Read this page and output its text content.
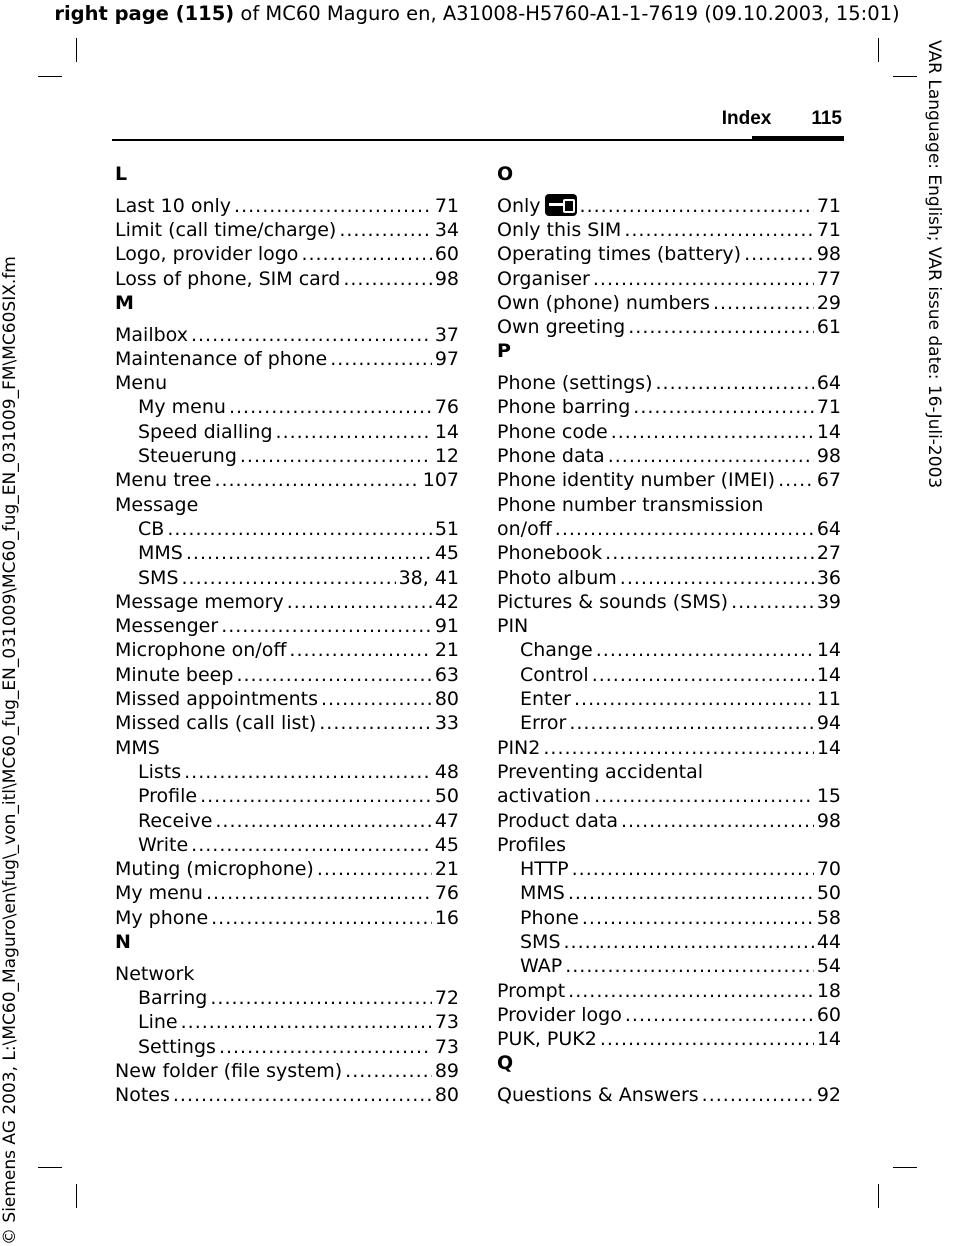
right page (115) of MC60 Maguro en, A31008-H5760-A1-1-7619 (09.10.2003, 15:01)
© Siemens AG 2003, L:\MC60_Maguro\en\fug\_von_itl\MC60_fug_EN_031009\MC60_fug_EN_031009_FM\MC60SIX.fm	VAR Language: English; VAR issue date: 16-Juli-2003
Index 115
L
Last 10 only .....	71
Limit (call time/charge) .....	34
Logo, provider logo .....	60
Loss of phone, SIM card .....	98
M
Mailbox .....	37
Maintenance of phone .....	97
Menu
My menu .....	76
Speed dialling .....	14
Steuerung .....	12
Menu tree .....	107
Message
CB .....	51
MMS .....	45
SMS .....	38, 41
Message memory .....	42
Messenger .....	91
Microphone on/off .....	21
Minute beep .....	63
Missed appointments .....	80
Missed calls (call list) .....	33
MMS
Lists .....	48
Profile .....	50
Receive .....	47
Write .....	45
Muting (microphone) .....	21
My menu .....	76
My phone .....	16
N
Network
Barring .....	72
Line .....	73
Settings .....	73
New folder (file system) .....	89
Notes .....	80
O
Only .....	71
Only this SIM .....	71
Operating times (battery) .....	98
Organiser .....	77
Own (phone) numbers .....	29
Own greeting .....	61
P
Phone (settings) .....	64
Phone barring .....	71
Phone code .....	14
Phone data .....	98
Phone identity number (IMEI) ..... 67
Phone number transmission
on/off .....	64
Phonebook .....	27
Photo album .....	36
Pictures & sounds (SMS) .....	39
PIN
Change .....	14
Control .....	14
Enter .....	11
Error .....	94
PIN2 .....	14
Preventing accidental
activation .....	15
Product data .....	98
Profiles
HTTP .....	70
MMS .....	50
Phone .....	58
SMS .....	44
WAP .....	54
Prompt .....	18
Provider logo .....	60
PUK, PUK2 .....	14
Q
Questions & Answers .....	92
